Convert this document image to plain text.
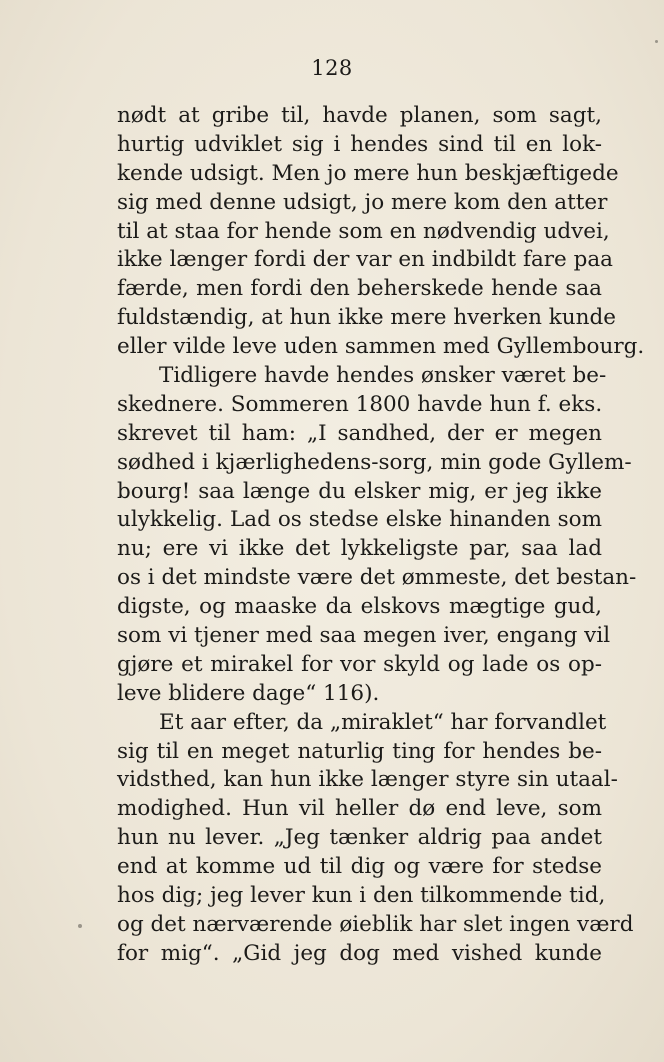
128
nødt at gribe til, havde planen, som sagt,
hurtig udviklet sig i hendes sind til en lok-
kende udsigt. Men jo mere hun beskjæftigede
sig med denne udsigt, jo mere kom den atter
til at staa for hende som en nødvendig udvei,
ikke længer fordi der var en indbildt fare paa
færde, men fordi den beherskede hende saa
fuldstændig, at hun ikke mere hverken kunde
eller vilde leve uden sammen med Gyllembourg.
Tidligere havde hendes ønsker været be-
skednere. Sommeren 1800 havde hun f. eks.
skrevet til ham: „I sandhed, der er megen
sødhed i kjærlighedens-sorg, min gode Gyllem-
bourg! saa længe du elsker mig, er jeg ikke
ulykkelig. Lad os stedse elske hinanden som
nu; ere vi ikke det lykkeligste par, saa lad
os i det mindste være det ømmeste, det bestan-
digste, og maaske da elskovs mægtige gud,
som vi tjener med saa megen iver, engang vil
gjøre et mirakel for vor skyld og lade os op-
leve blidere dage“ 116).
Et aar efter, da „miraklet“ har forvandlet
sig til en meget naturlig ting for hendes be-
vidsthed, kan hun ikke længer styre sin utaal-
modighed. Hun vil heller dø end leve, som
hun nu lever. „Jeg tænker aldrig paa andet
end at komme ud til dig og være for stedse
hos dig; jeg lever kun i den tilkommende tid,
og det nærværende øieblik har slet ingen værd
for mig“. „Gid jeg dog med vished kunde
